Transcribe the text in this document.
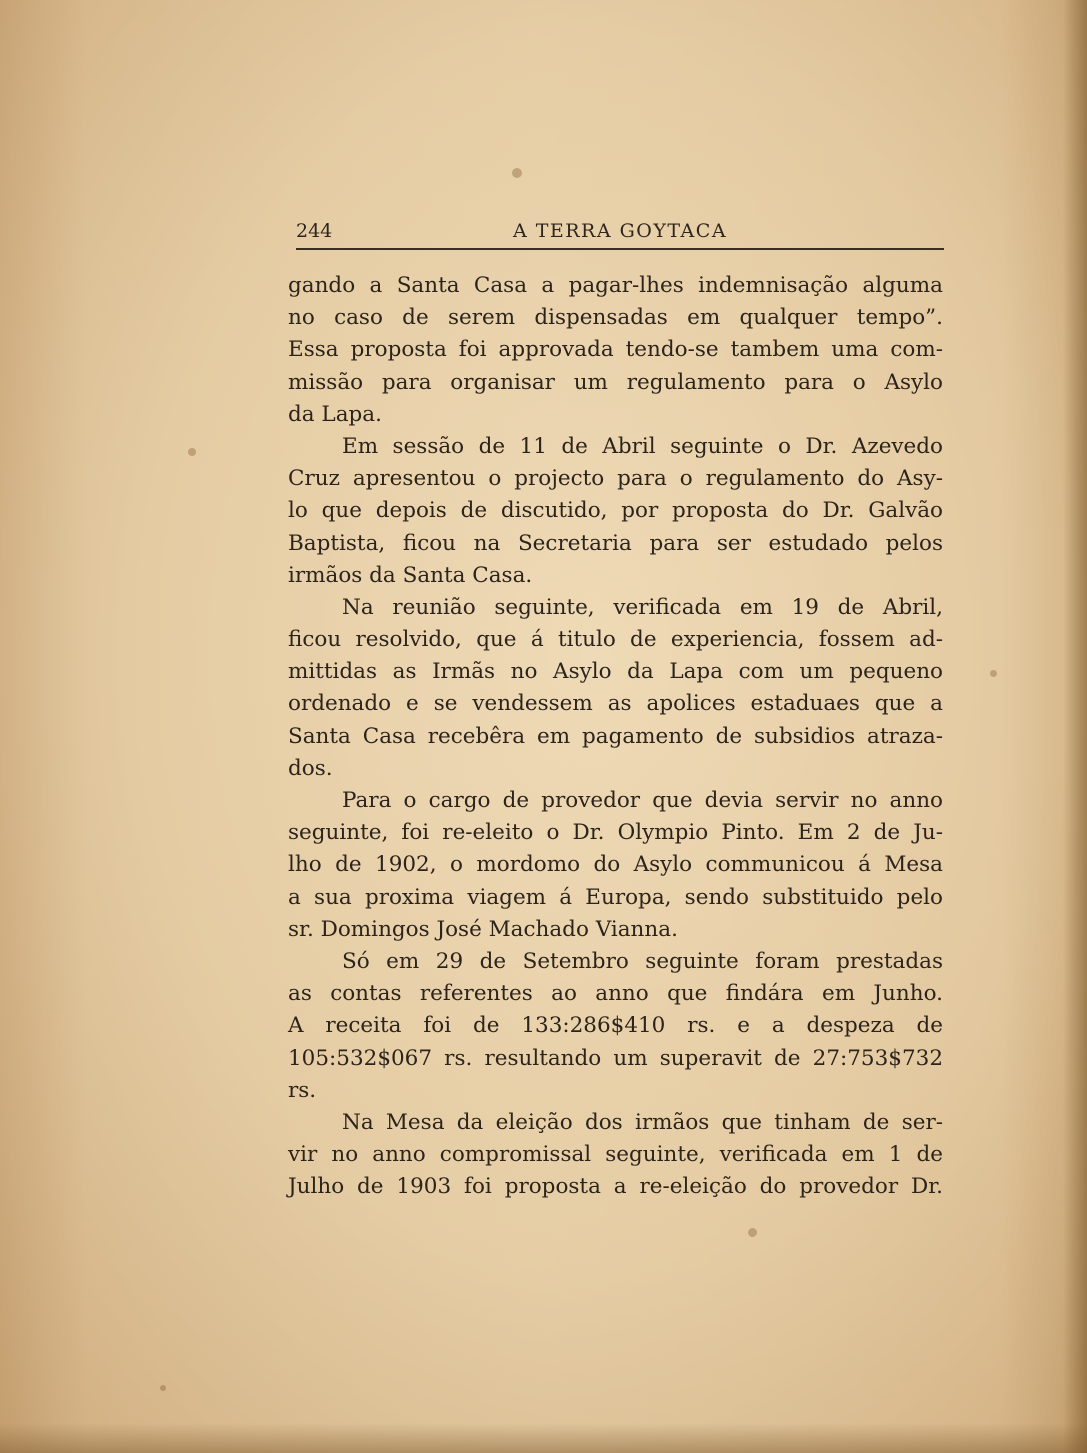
244	A TERRA GOYTACA
gando a Santa Casa a pagar-lhes indemnisação alguma
no caso de serem dispensadas em qualquer tempo”.
Essa proposta foi approvada tendo-se tambem uma com-
missão para organisar um regulamento para o Asylo
da Lapa.
Em sessão de 11 de Abril seguinte o Dr. Azevedo
Cruz apresentou o projecto para o regulamento do Asy-
lo que depois de discutido, por proposta do Dr. Galvão
Baptista, ficou na Secretaria para ser estudado pelos
irmãos da Santa Casa.
Na reunião seguinte, verificada em 19 de Abril,
ficou resolvido, que á titulo de experiencia, fossem ad-
mittidas as Irmãs no Asylo da Lapa com um pequeno
ordenado e se vendessem as apolices estaduaes que a
Santa Casa recebêra em pagamento de subsidios atraza-
dos.
Para o cargo de provedor que devia servir no anno
seguinte, foi re-eleito o Dr. Olympio Pinto. Em 2 de Ju-
lho de 1902, o mordomo do Asylo communicou á Mesa
a sua proxima viagem á Europa, sendo substituido pelo
sr. Domingos José Machado Vianna.
Só em 29 de Setembro seguinte foram prestadas
as contas referentes ao anno que findára em Junho.
A receita foi de 133:286$410 rs. e a despeza de
105:532$067 rs. resultando um superavit de 27:753$732
rs.
Na Mesa da eleição dos irmãos que tinham de ser-
vir no anno compromissal seguinte, verificada em 1 de
Julho de 1903 foi proposta a re-eleição do provedor Dr.
